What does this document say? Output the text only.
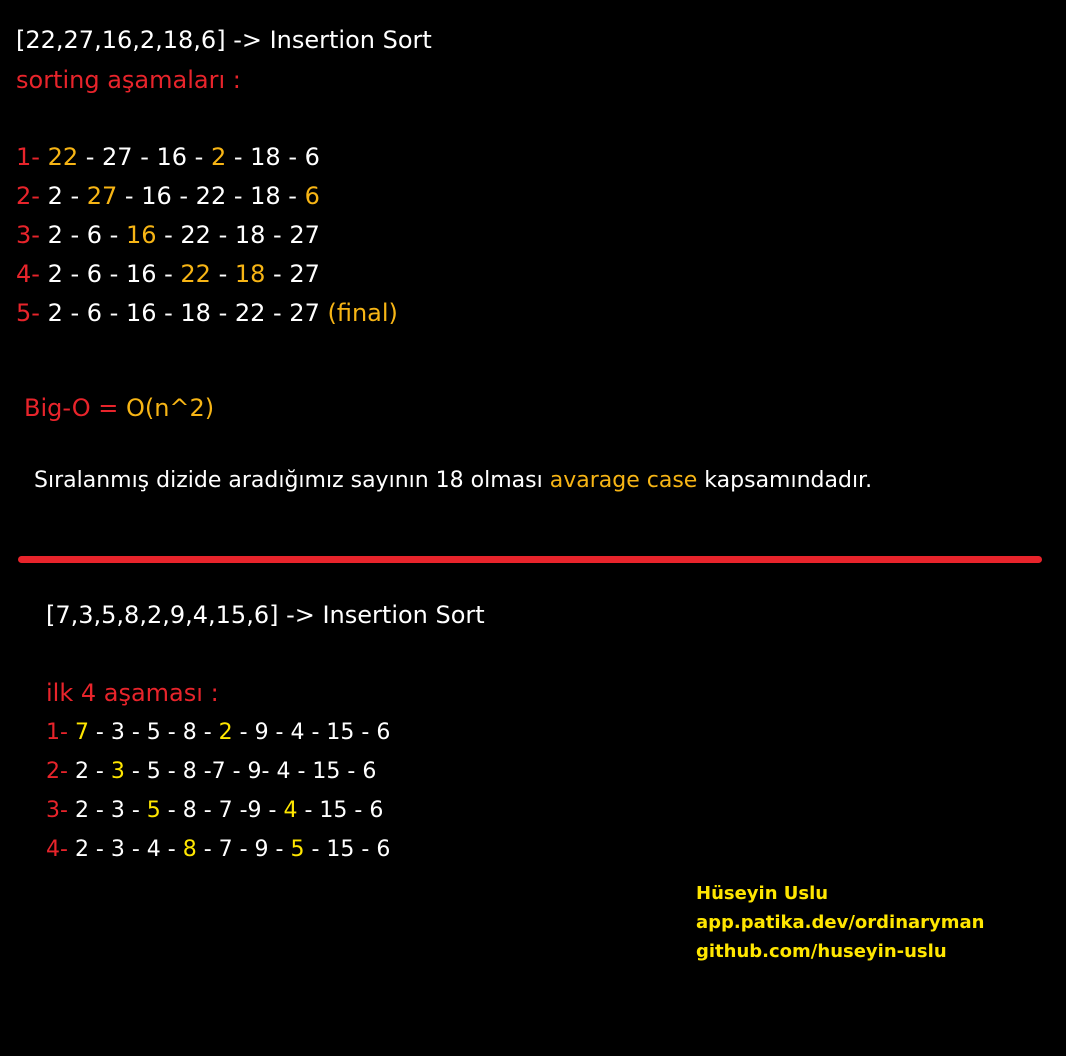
[22,27,16,2,18,6] -> Insertion Sort
sorting aşamaları :
1- 22 - 27 - 16 - 2 - 18 - 6
2- 2 - 27 - 16 - 22 - 18 - 6
3- 2 - 6 - 16 - 22 - 18 - 27
4- 2 - 6 - 16 - 22 - 18 - 27
5- 2 - 6 - 16 - 18 - 22 - 27 (final)
Big-O = O(n^2)
Sıralanmış dizide aradığımız sayının 18 olması avarage case kapsamındadır.
[7,3,5,8,2,9,4,15,6] -> Insertion Sort
ilk 4 aşaması :
1- 7 - 3 - 5 - 8 - 2 - 9 - 4 - 15 - 6
2- 2 - 3 - 5 - 8 -7 - 9- 4 - 15 - 6
3- 2 - 3 - 5 - 8 - 7 -9 - 4 - 15 - 6
4- 2 - 3 - 4 - 8 - 7 - 9 - 5 - 15 - 6
Hüseyin Uslu
app.patika.dev/ordinaryman
github.com/huseyin-uslu
